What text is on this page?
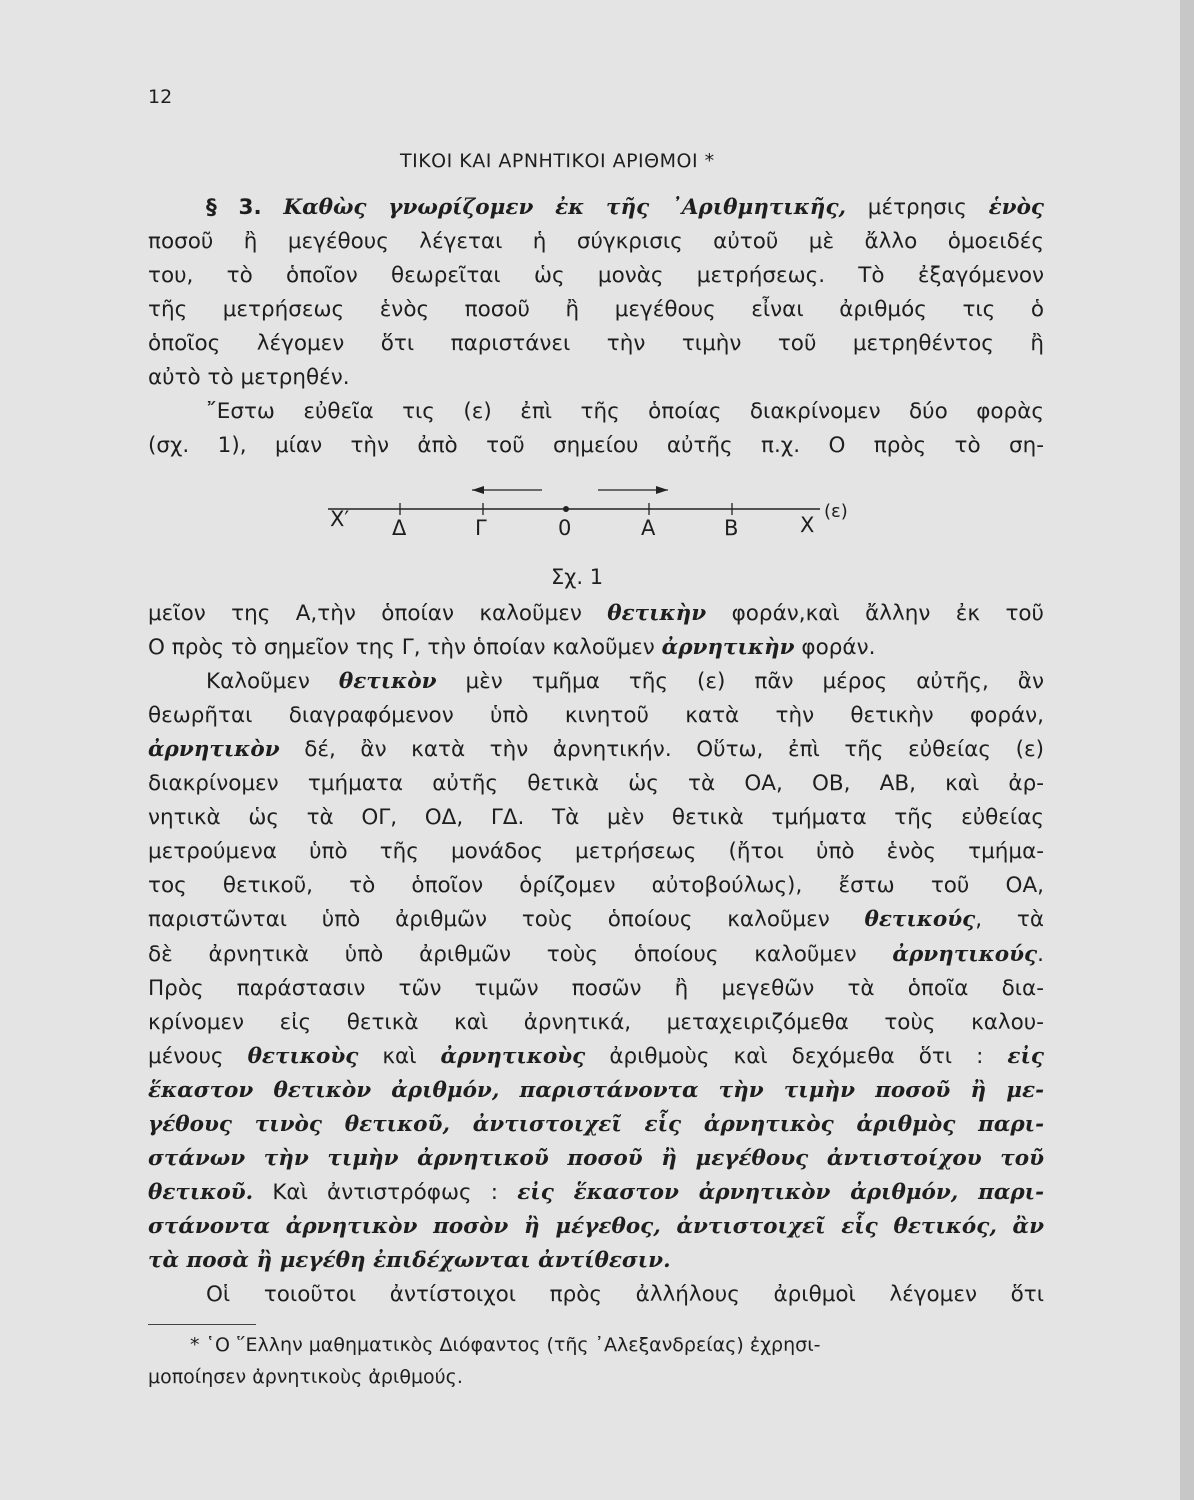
12
ΤΙΚΟΙ ΚΑΙ ΑΡΝΗΤΙΚΟΙ ΑΡΙΘΜΟΙ *
§ 3. Καθὼς γνωρίζομεν ἐκ τῆς ᾿Αριθμητικῆς, μέτρησις ἑνὸς
ποσοῦ ἢ μεγέθους λέγεται ἡ σύγκρισις αὐτοῦ μὲ ἄλλο ὁμοειδές
του, τὸ ὁποῖον θεωρεῖται ὡς μονὰς μετρήσεως. Τὸ ἐξαγόμενον
τῆς μετρήσεως ἑνὸς ποσοῦ ἢ μεγέθους εἶναι ἀριθμός τις ὁ
ὁποῖος λέγομεν ὅτι παριστάνει τὴν τιμὴν τοῦ μετρηθέντος ἢ
αὐτὸ τὸ μετρηθέν.
῎Εστω εὐθεῖα τις (ε) ἐπὶ τῆς ὁποίας διακρίνομεν δύο φορὰς
(σχ. 1), μίαν τὴν ἀπὸ τοῦ σημείου αὐτῆς π.χ. Ο πρὸς τὸ ση-
Χ′ Δ	Γ	0	Α	Β	Χ
(ε)
Σχ. 1
μεῖον της Α,τὴν ὁποίαν καλοῦμεν θετικὴν φοράν,καὶ ἄλλην ἐκ τοῦ
Ο πρὸς τὸ σημεῖον της Γ, τὴν ὁποίαν καλοῦμεν ἀρνητικὴν φοράν.
Καλοῦμεν θετικὸν μὲν τμῆμα τῆς (ε) πᾶν μέρος αὐτῆς, ἂν
θεωρῆται διαγραφόμενον ὑπὸ κινητοῦ κατὰ τὴν θετικὴν φοράν,
ἀρνητικὸν δέ, ἂν κατὰ τὴν ἀρνητικήν. Οὕτω, ἐπὶ τῆς εὐθείας (ε)
διακρίνομεν τμήματα αὐτῆς θετικὰ ὡς τὰ ΟΑ, ΟΒ, ΑΒ, καὶ ἀρ-
νητικὰ ὡς τὰ ΟΓ, ΟΔ, ΓΔ. Τὰ μὲν θετικὰ τμήματα τῆς εὐθείας
μετρούμενα ὑπὸ τῆς μονάδος μετρήσεως (ἤτοι ὑπὸ ἑνὸς τμήμα-
τος θετικοῦ, τὸ ὁποῖον ὁρίζομεν αὐτοβούλως), ἔστω τοῦ ΟΑ,
παριστῶνται ὑπὸ ἀριθμῶν τοὺς ὁποίους καλοῦμεν θετικούς, τὰ
δὲ ἀρνητικὰ ὑπὸ ἀριθμῶν τοὺς ὁποίους καλοῦμεν ἀρνητικούς.
Πρὸς παράστασιν τῶν τιμῶν ποσῶν ἢ μεγεθῶν τὰ ὁποῖα δια-
κρίνομεν εἰς θετικὰ καὶ ἀρνητικά, μεταχειριζόμεθα τοὺς καλου-
μένους θετικοὺς καὶ ἀρνητικοὺς ἀριθμοὺς καὶ δεχόμεθα ὅτι : εἰς
ἕκαστον θετικὸν ἀριθμόν, παριστάνοντα τὴν τιμὴν ποσοῦ ἢ με-
γέθους τινὸς θετικοῦ, ἀντιστοιχεῖ εἷς ἀρνητικὸς ἀριθμὸς παρι-
στάνων τὴν τιμὴν ἀρνητικοῦ ποσοῦ ἢ μεγέθους ἀντιστοίχου τοῦ
θετικοῦ. Καὶ ἀντιστρόφως : εἰς ἕκαστον ἀρνητικὸν ἀριθμόν, παρι-
στάνοντα ἀρνητικὸν ποσὸν ἢ μέγεθος, ἀντιστοιχεῖ εἷς θετικός, ἂν
τὰ ποσὰ ἢ μεγέθη ἐπιδέχωνται ἀντίθεσιν.
Οἱ τοιοῦτοι ἀντίστοιχοι πρὸς ἀλλήλους ἀριθμοὶ λέγομεν ὅτι
* ῾Ο ῞Ελλην μαθηματικὸς Διόφαντος (τῆς ᾿Αλεξανδρείας) ἐχρησι-
μοποίησεν ἀρνητικοὺς ἀριθμούς.
